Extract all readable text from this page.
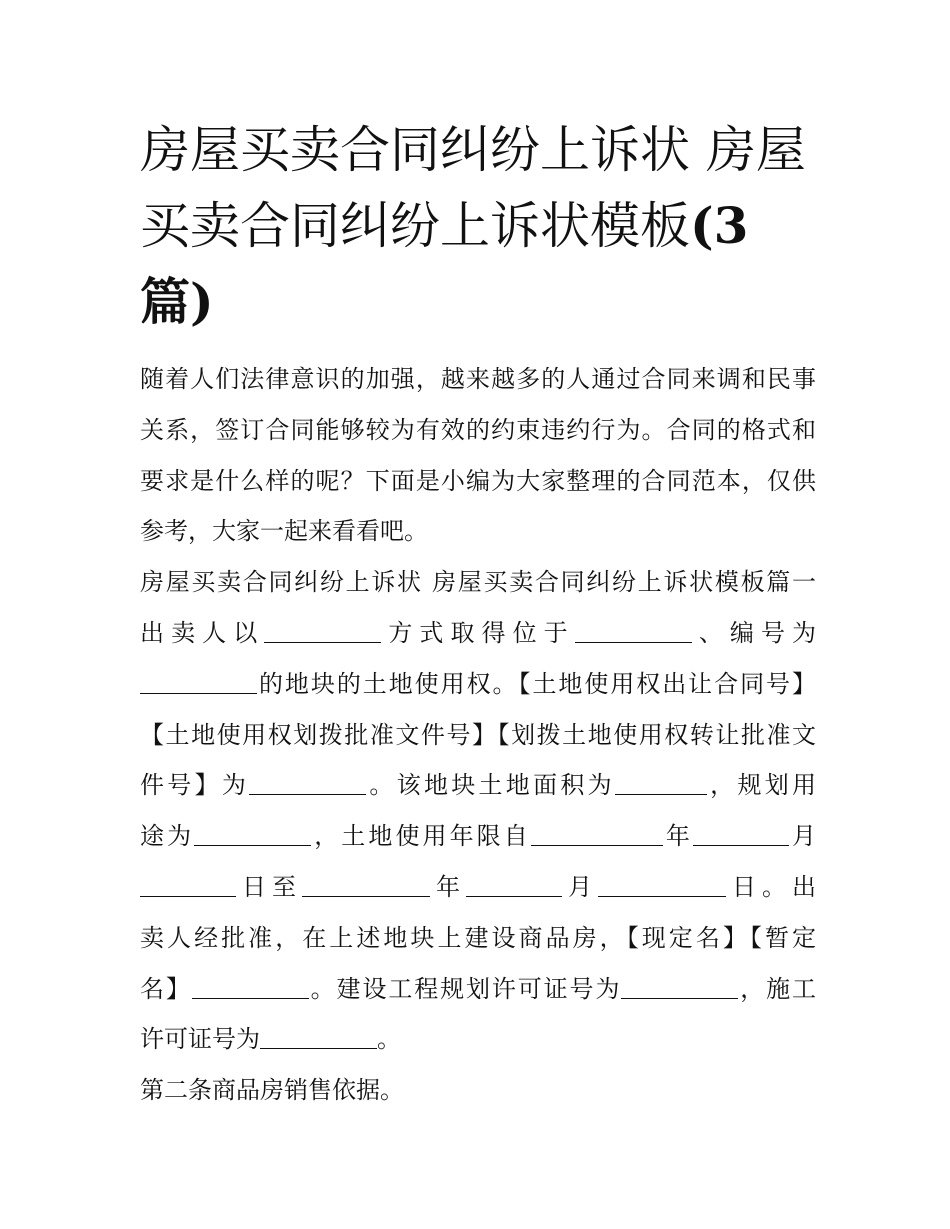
房屋买卖合同纠纷上诉状 房屋
买卖合同纠纷上诉状模板(3
篇)
随着人们法律意识的加强，越来越多的人通过合同来调和民事
关系，签订合同能够较为有效的约束违约行为。合同的格式和
要求是什么样的呢？下面是小编为大家整理的合同范本，仅供
参考，大家一起来看看吧。
房屋买卖合同纠纷上诉状 房屋买卖合同纠纷上诉状模板篇一
出卖人以	方式取得位于	、编号为
的地块的土地使用权。【土地使用权出让合同号】
【土地使用权划拨批准文件号】【划拨土地使用权转让批准文
件号】为	。该地块土地面积为	，规划用
途为	，土地使用年限自	年	月
日至	年	月	日。出
卖人经批准，在上述地块上建设商品房，【现定名】【暂定
名】	。建设工程规划许可证号为	，施工
许可证号为	。
第二条商品房销售依据。
